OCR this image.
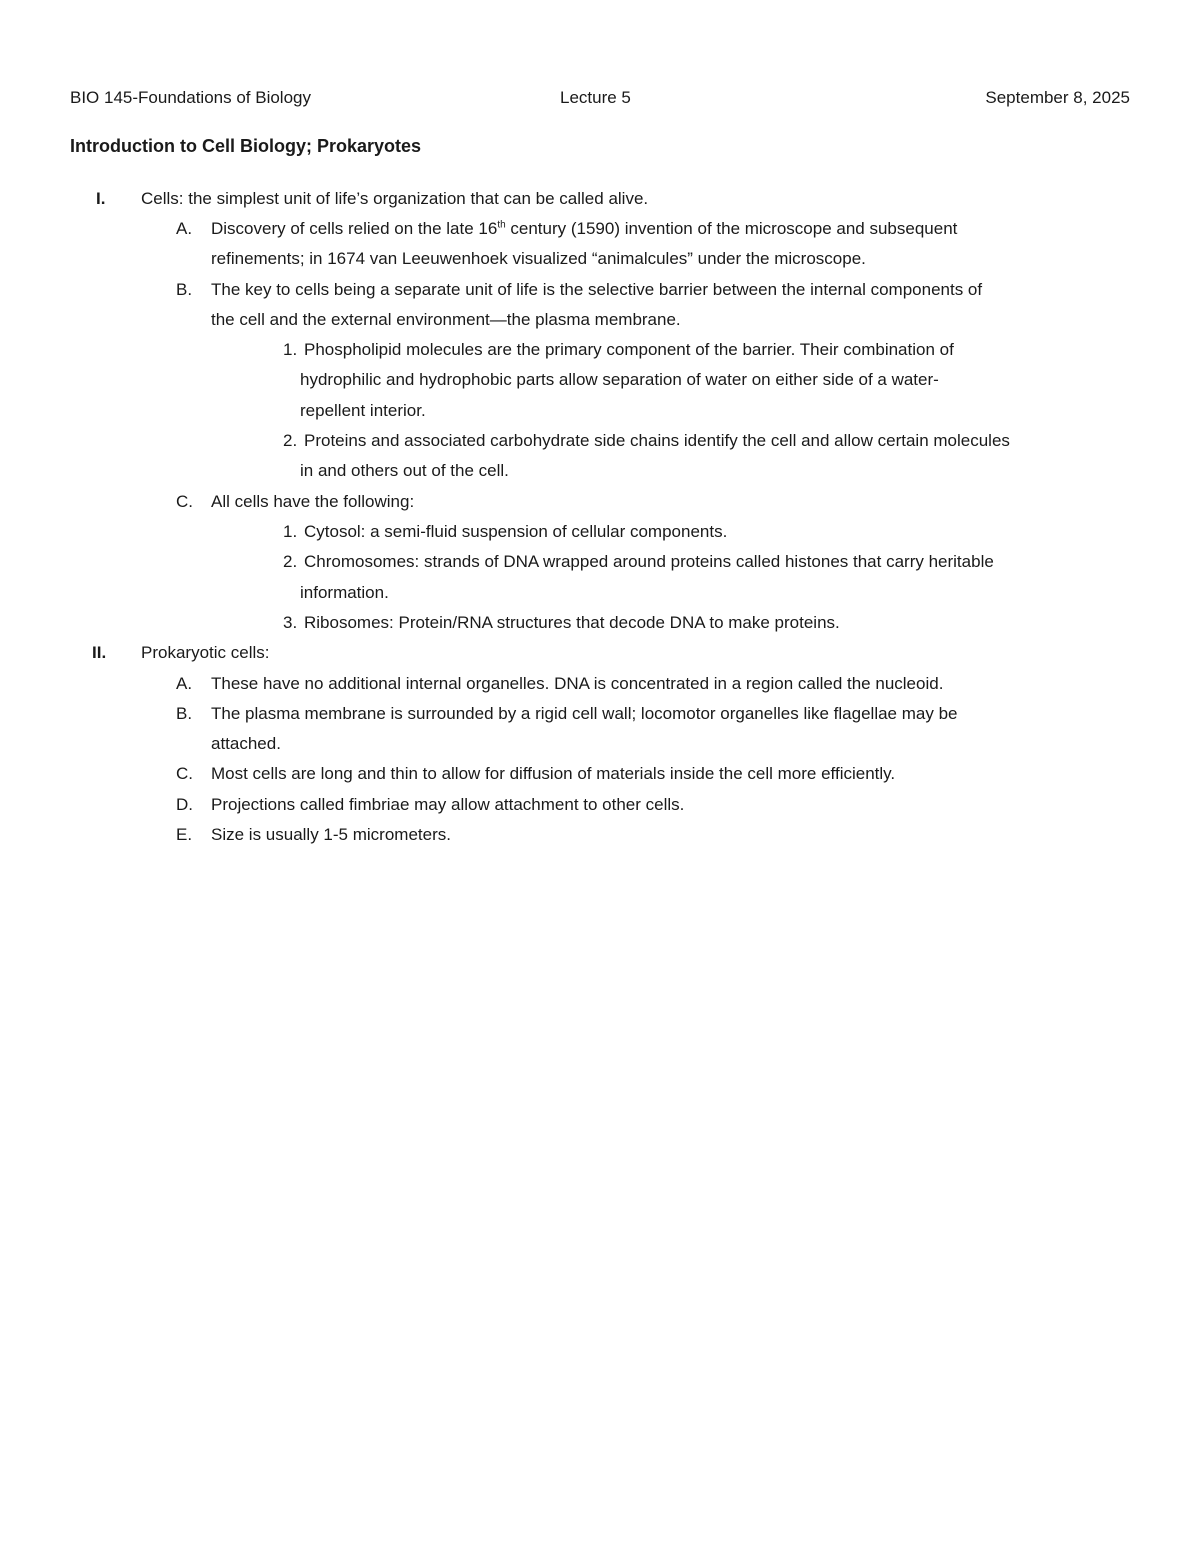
BIO 145-Foundations of Biology	Lecture 5	September 8, 2025
Introduction to Cell Biology; Prokaryotes
I. Cells: the simplest unit of life’s organization that can be called alive.
A. Discovery of cells relied on the late 16th century (1590) invention of the microscope and subsequent
refinements; in 1674 van Leeuwenhoek visualized “animalcules” under the microscope.
B. The key to cells being a separate unit of life is the selective barrier between the internal components of
the cell and the external environment—the plasma membrane.
1. Phospholipid molecules are the primary component of the barrier. Their combination of
hydrophilic and hydrophobic parts allow separation of water on either side of a water-
repellent interior.
2. Proteins and associated carbohydrate side chains identify the cell and allow certain molecules
in and others out of the cell.
C. All cells have the following:
1. Cytosol: a semi-fluid suspension of cellular components.
2. Chromosomes: strands of DNA wrapped around proteins called histones that carry heritable
information.
3. Ribosomes: Protein/RNA structures that decode DNA to make proteins.
II. Prokaryotic cells:
A. These have no additional internal organelles. DNA is concentrated in a region called the nucleoid.
B. The plasma membrane is surrounded by a rigid cell wall; locomotor organelles like flagellae may be
attached.
C. Most cells are long and thin to allow for diffusion of materials inside the cell more efficiently.
D. Projections called fimbriae may allow attachment to other cells.
E. Size is usually 1-5 micrometers.
